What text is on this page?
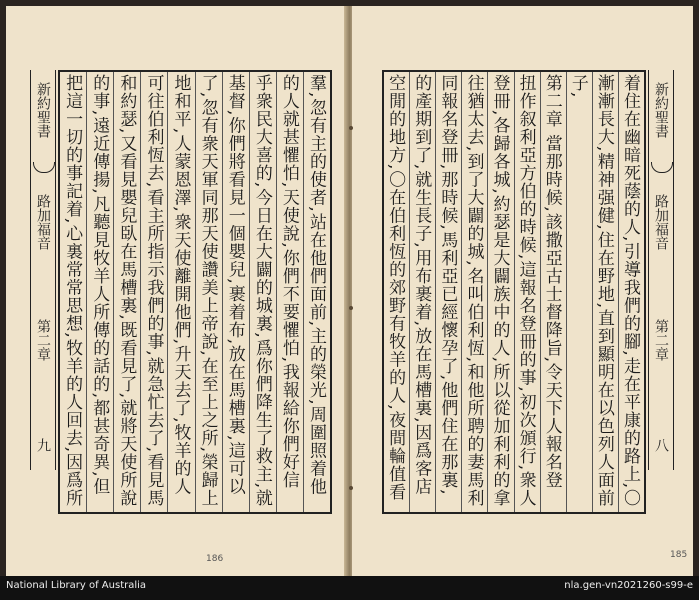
羣,忽有主的使者,站在他們面前,主的榮光,周圍照着他
的人就甚懼怕,天使說,你們不要懼怕,我報給你們好信
乎衆民大喜的,今日在大闢的城裏,爲你們降生了救主,就
基督,你們將看見一個嬰兒,裹着布,放在馬槽裏,這可以
了,忽有衆天軍同那天使讚美上帝說,在至上之所,榮歸上
地和平,人蒙恩澤,衆天使離開他們,升天去了,牧羊的人
可往伯利恆去,看主所指示我們的事,就急忙去了,看見馬
和約瑟,又看見嬰兒臥在馬槽裏,既看見了,就將天使所說
的事,遠近傳揚,凡聽見牧羊人所傳的話的,都甚奇異,但
把這一切的事記着,心裏常常思想,牧羊的人回去,因爲所
新約聖書
路加福音
第二章
九
186
新約聖書
路加福音
第二章
八
着住在幽暗死蔭的人,引導我們的腳,走在平康的路上,〇
漸漸長大,精神强健,住在野地,直到顯明在以色列人面前
子,
第二章 當那時候,該撒亞古士督降旨,令天下人報名登
扭作叙利亞方伯的時候,這報名登冊的事,初次頒行,衆人
登冊,各歸各城,約瑟是大闢族中的人,所以從加利利的拿
往猶太去,到了大闢的城,名叫伯利恆,和他所聘的妻馬利
同報名登冊,那時候,馬利亞已經懷孕了,他們住在那裏,
的產期到了,就生長子,用布裹着,放在馬槽裏,因爲客店
空閒的地方,〇在伯利恆的郊野有牧羊的人,夜間輪值看
185
National Library of Australia	nla.gen-vn2021260-s99-e
